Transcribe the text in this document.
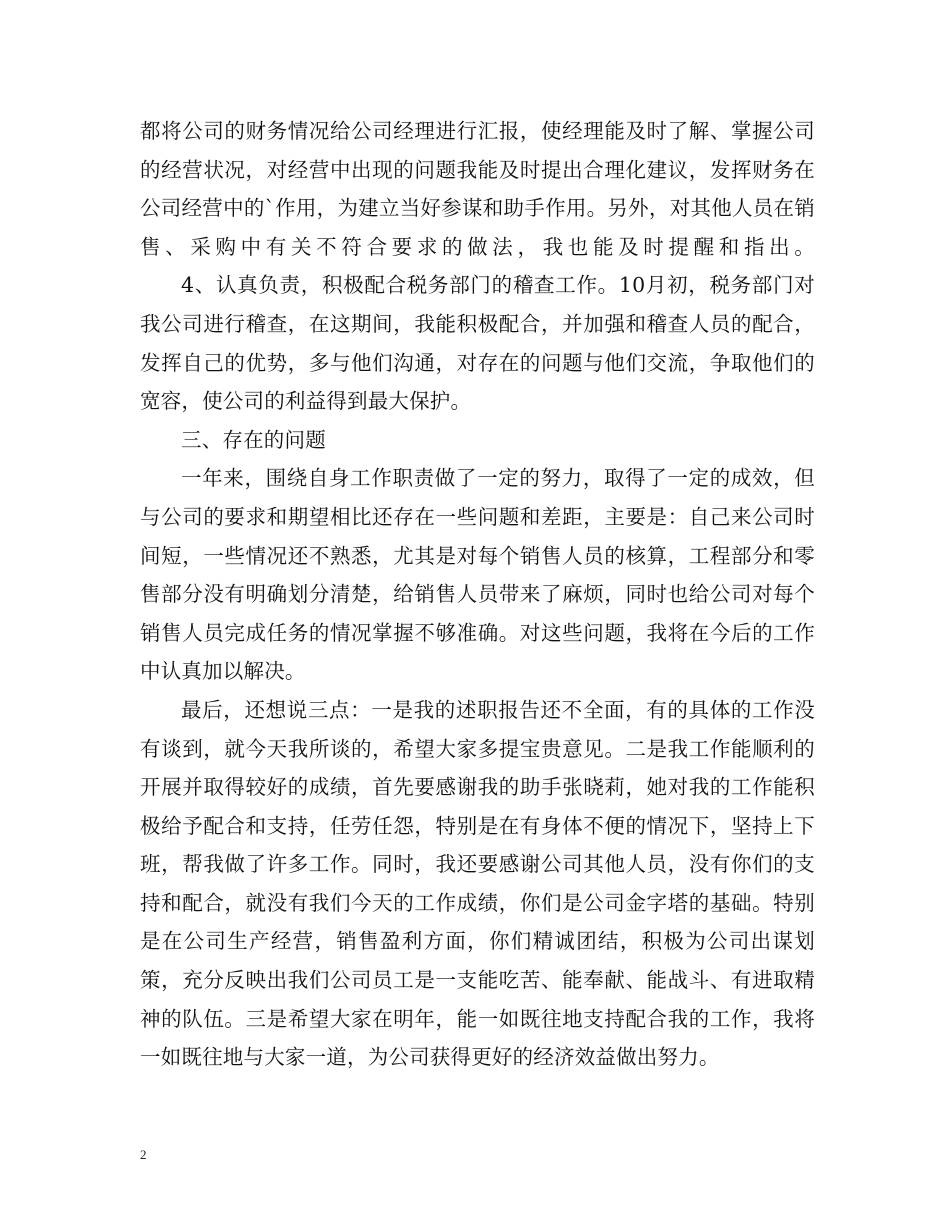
都将公司的财务情况给公司经理进行汇报，使经理能及时了解、掌握公司的经营状况，对经营中出现的问题我能及时提出合理化建议，发挥财务在公司经营中的`作用，为建立当好参谋和助手作用。另外，对其他人员在销售、采购中有关不符合要求的做法，我也能及时提醒和指出。

4、认真负责，积极配合税务部门的稽查工作。10月初，税务部门对我公司进行稽查，在这期间，我能积极配合，并加强和稽查人员的配合，发挥自己的优势，多与他们沟通，对存在的问题与他们交流，争取他们的宽容，使公司的利益得到最大保护。

三、存在的问题

一年来，围绕自身工作职责做了一定的努力，取得了一定的成效，但与公司的要求和期望相比还存在一些问题和差距，主要是：自己来公司时间短，一些情况还不熟悉，尤其是对每个销售人员的核算，工程部分和零售部分没有明确划分清楚，给销售人员带来了麻烦，同时也给公司对每个销售人员完成任务的情况掌握不够准确。对这些问题，我将在今后的工作中认真加以解决。

最后，还想说三点：一是我的述职报告还不全面，有的具体的工作没有谈到，就今天我所谈的，希望大家多提宝贵意见。二是我工作能顺利的开展并取得较好的成绩，首先要感谢我的助手张晓莉，她对我的工作能积极给予配合和支持，任劳任怨，特别是在有身体不便的情况下，坚持上下班，帮我做了许多工作。同时，我还要感谢公司其他人员，没有你们的支持和配合，就没有我们今天的工作成绩，你们是公司金字塔的基础。特别是在公司生产经营，销售盈利方面，你们精诚团结，积极为公司出谋划策，充分反映出我们公司员工是一支能吃苦、能奉献、能战斗、有进取精神的队伍。三是希望大家在明年，能一如既往地支持配合我的工作，我将一如既往地与大家一道，为公司获得更好的经济效益做出努力。

2
